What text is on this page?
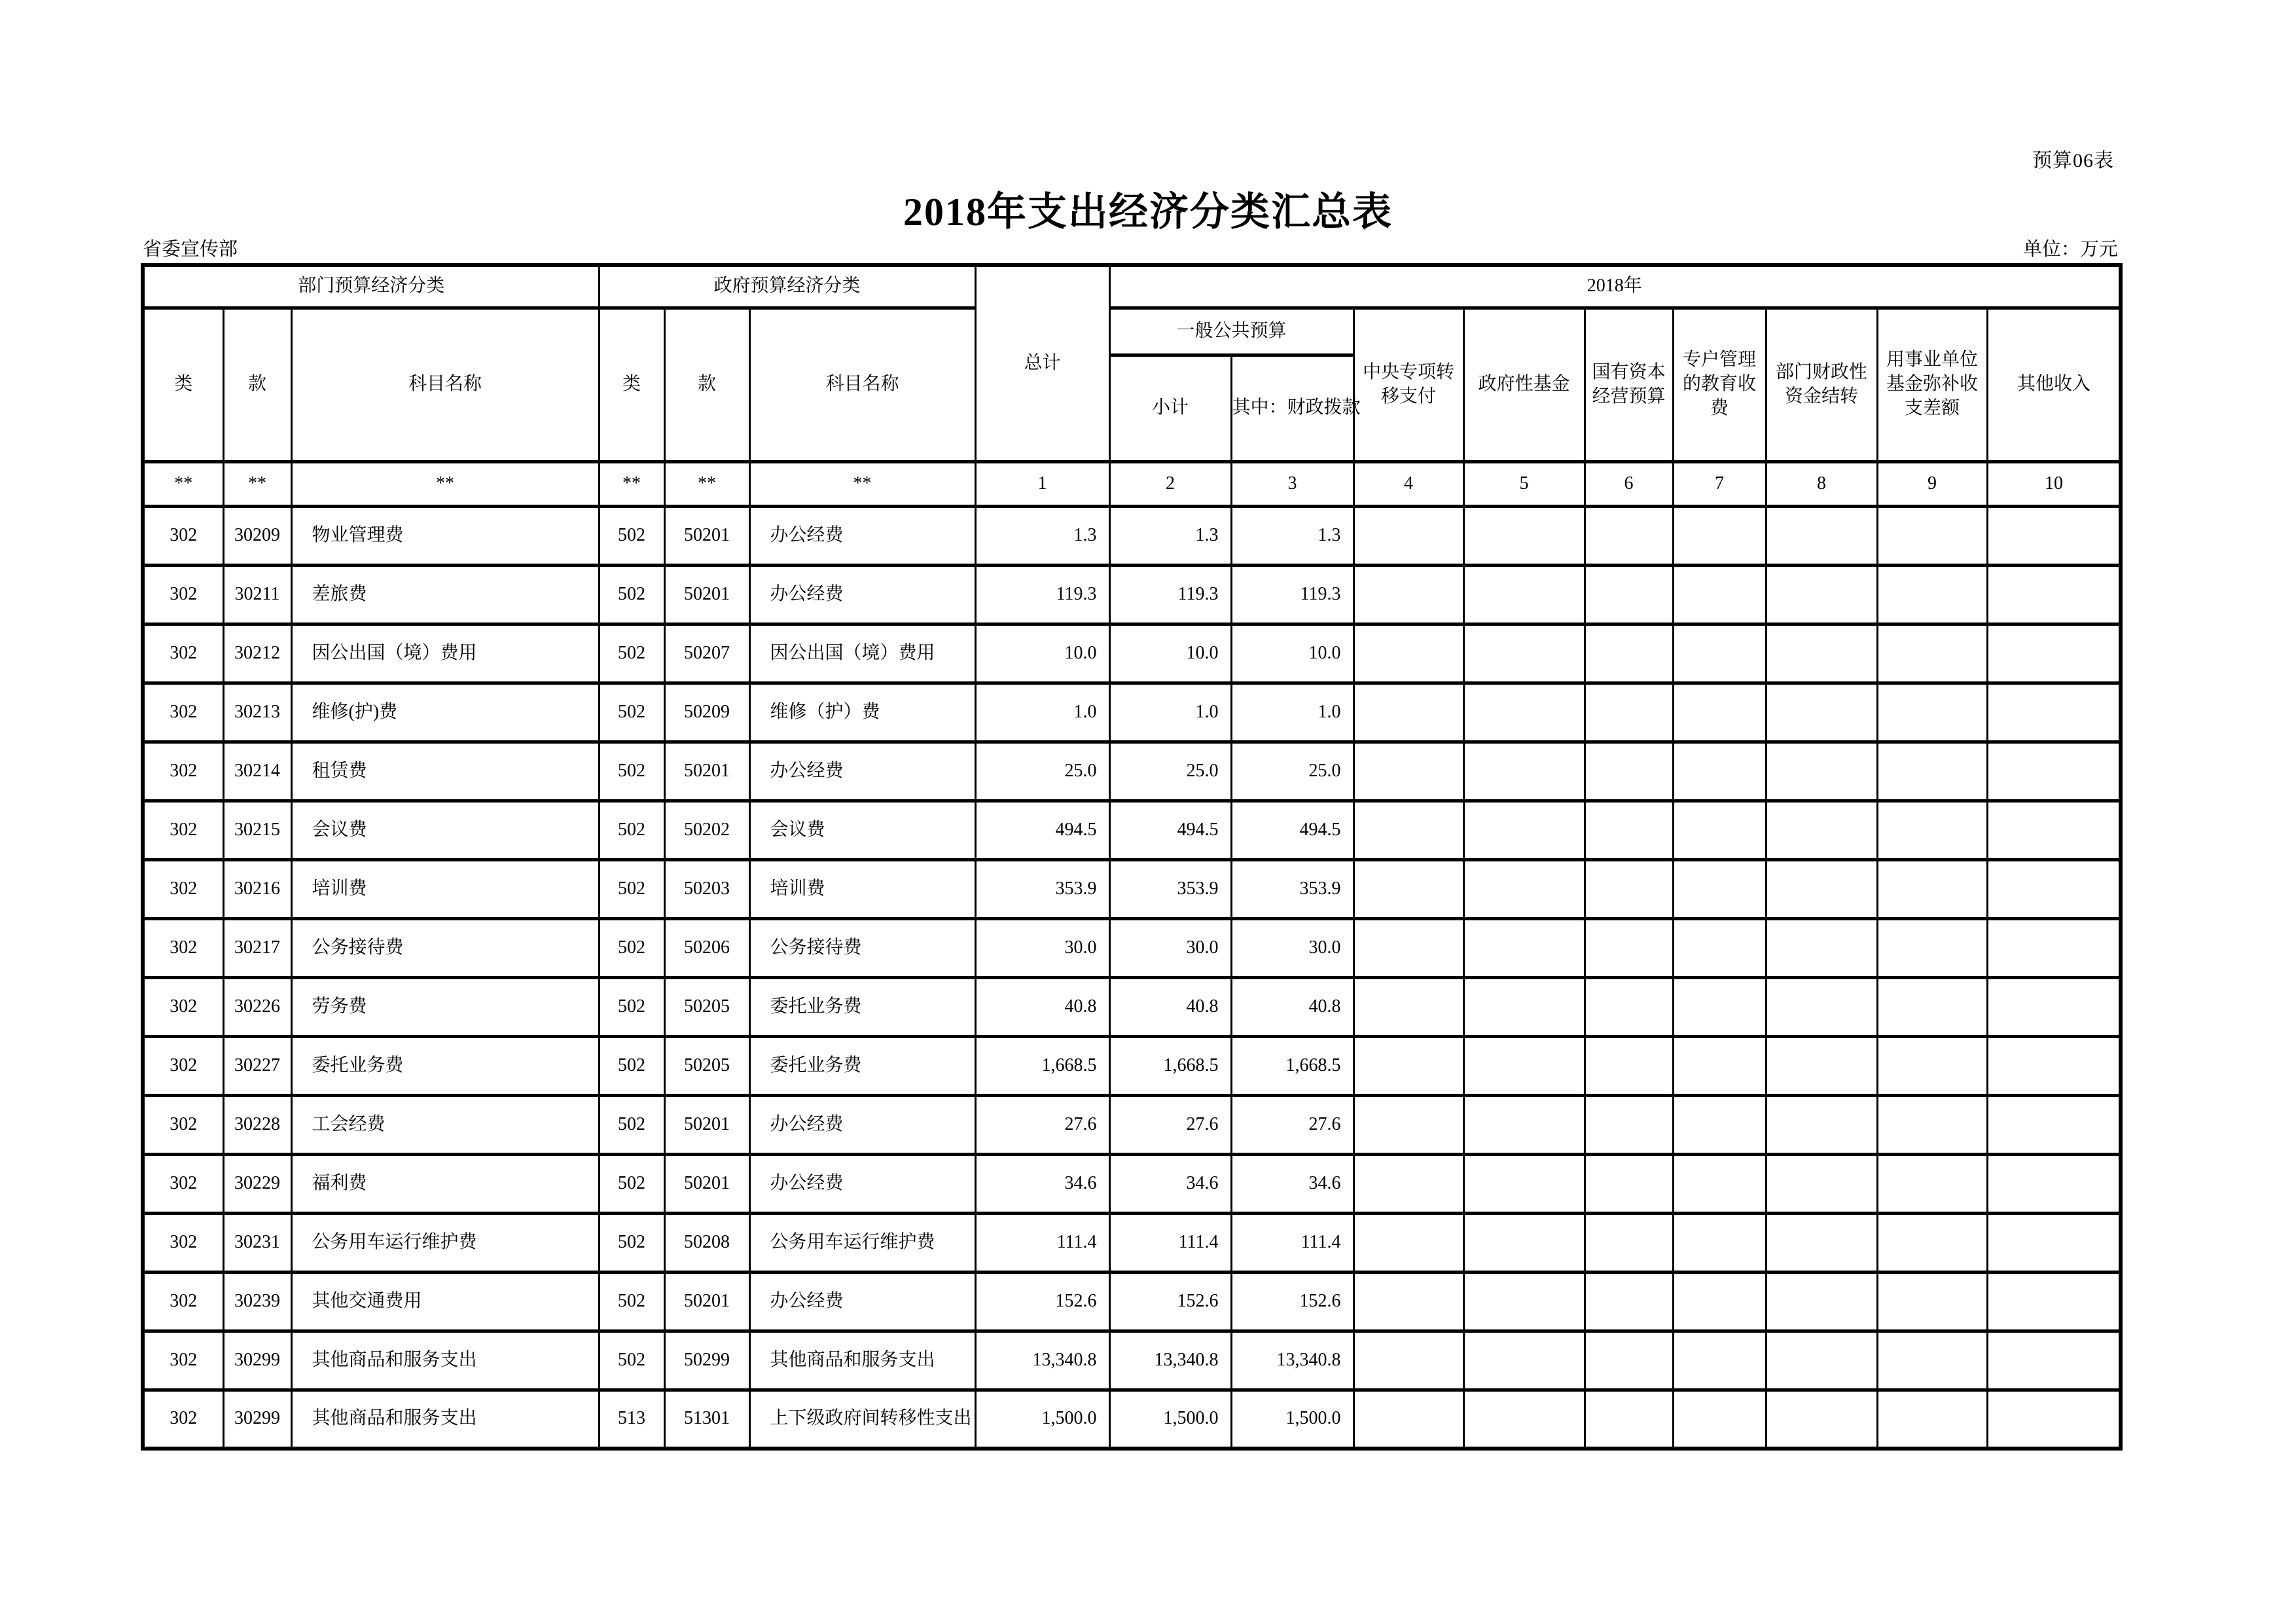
预算06表
2018年支出经济分类汇总表
省委宣传部	单位：万元
部门预算经济分类			政府预算经济分类			总计	2018年								
类	款	科目名称	类	款	科目名称		一般公共预算		中央专项转移支付	政府性基金	国有资本经营预算	专户管理的教育收费	部门财政性资金结转	用事业单位基金弥补收支差额	其他收入
							小计	其中：财政拨款							
**	**	**	**	**	**	1	2	3	4	5	6	7	8	9	10
302	30209	物业管理费	502	50201	办公经费	1.3	1.3	1.3							
302	30211	差旅费	502	50201	办公经费	119.3	119.3	119.3							
302	30212	因公出国（境）费用	502	50207	因公出国（境）费用	10.0	10.0	10.0							
302	30213	维修(护)费	502	50209	维修（护）费	1.0	1.0	1.0							
302	30214	租赁费	502	50201	办公经费	25.0	25.0	25.0							
302	30215	会议费	502	50202	会议费	494.5	494.5	494.5							
302	30216	培训费	502	50203	培训费	353.9	353.9	353.9							
302	30217	公务接待费	502	50206	公务接待费	30.0	30.0	30.0							
302	30226	劳务费	502	50205	委托业务费	40.8	40.8	40.8							
302	30227	委托业务费	502	50205	委托业务费	1,668.5	1,668.5	1,668.5							
302	30228	工会经费	502	50201	办公经费	27.6	27.6	27.6							
302	30229	福利费	502	50201	办公经费	34.6	34.6	34.6							
302	30231	公务用车运行维护费	502	50208	公务用车运行维护费	111.4	111.4	111.4							
302	30239	其他交通费用	502	50201	办公经费	152.6	152.6	152.6							
302	30299	其他商品和服务支出	502	50299	其他商品和服务支出	13,340.8	13,340.8	13,340.8							
302	30299	其他商品和服务支出	513	51301	上下级政府间转移性支出	1,500.0	1,500.0	1,500.0							
